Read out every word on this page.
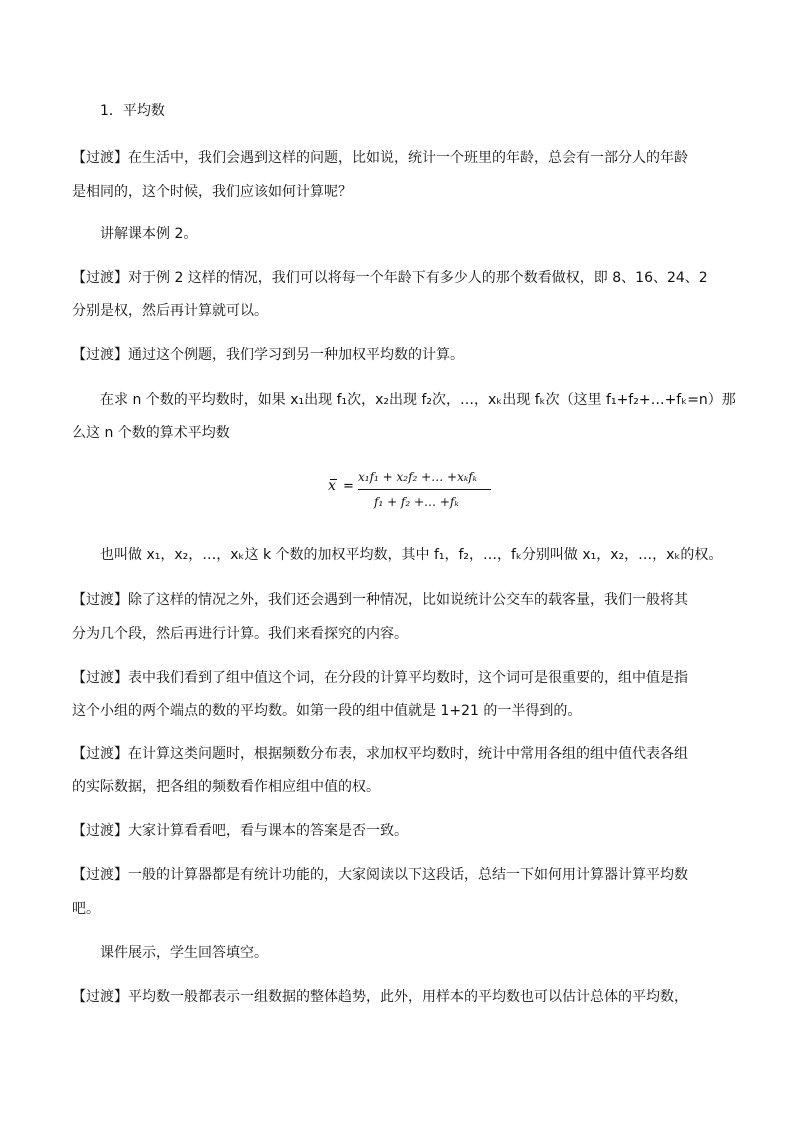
1．平均数
【过渡】在生活中，我们会遇到这样的问题，比如说，统计一个班里的年龄，总会有一部分人的年龄
是相同的，这个时候，我们应该如何计算呢？
讲解课本例 2。
【过渡】对于例 2 这样的情况，我们可以将每一个年龄下有多少人的那个数看做权，即 8、16、24、2
分别是权，然后再计算就可以。
【过渡】通过这个例题，我们学习到另一种加权平均数的计算。
在求 n 个数的平均数时，如果 x₁出现 f₁次，x₂出现 f₂次，…，xₖ出现 fₖ次（这里 f₁+f₂+…+fₖ=n）那
么这 n 个数的算术平均数
x =
x₁f₁ + x₂f₂ +… +xₖfₖ
f₁ + f₂ +… +fₖ
也叫做 x₁，x₂，…，xₖ这 k 个数的加权平均数，其中 f₁，f₂，…，fₖ分别叫做 x₁，x₂，…，xₖ的权。
【过渡】除了这样的情况之外，我们还会遇到一种情况，比如说统计公交车的载客量，我们一般将其
分为几个段，然后再进行计算。我们来看探究的内容。
【过渡】表中我们看到了组中值这个词，在分段的计算平均数时，这个词可是很重要的，组中值是指
这个小组的两个端点的数的平均数。如第一段的组中值就是 1+21 的一半得到的。
【过渡】在计算这类问题时，根据频数分布表，求加权平均数时，统计中常用各组的组中值代表各组
的实际数据，把各组的频数看作相应组中值的权。
【过渡】大家计算看看吧，看与课本的答案是否一致。
【过渡】一般的计算器都是有统计功能的，大家阅读以下这段话，总结一下如何用计算器计算平均数
吧。
课件展示，学生回答填空。
【过渡】平均数一般都表示一组数据的整体趋势，此外，用样本的平均数也可以估计总体的平均数，
